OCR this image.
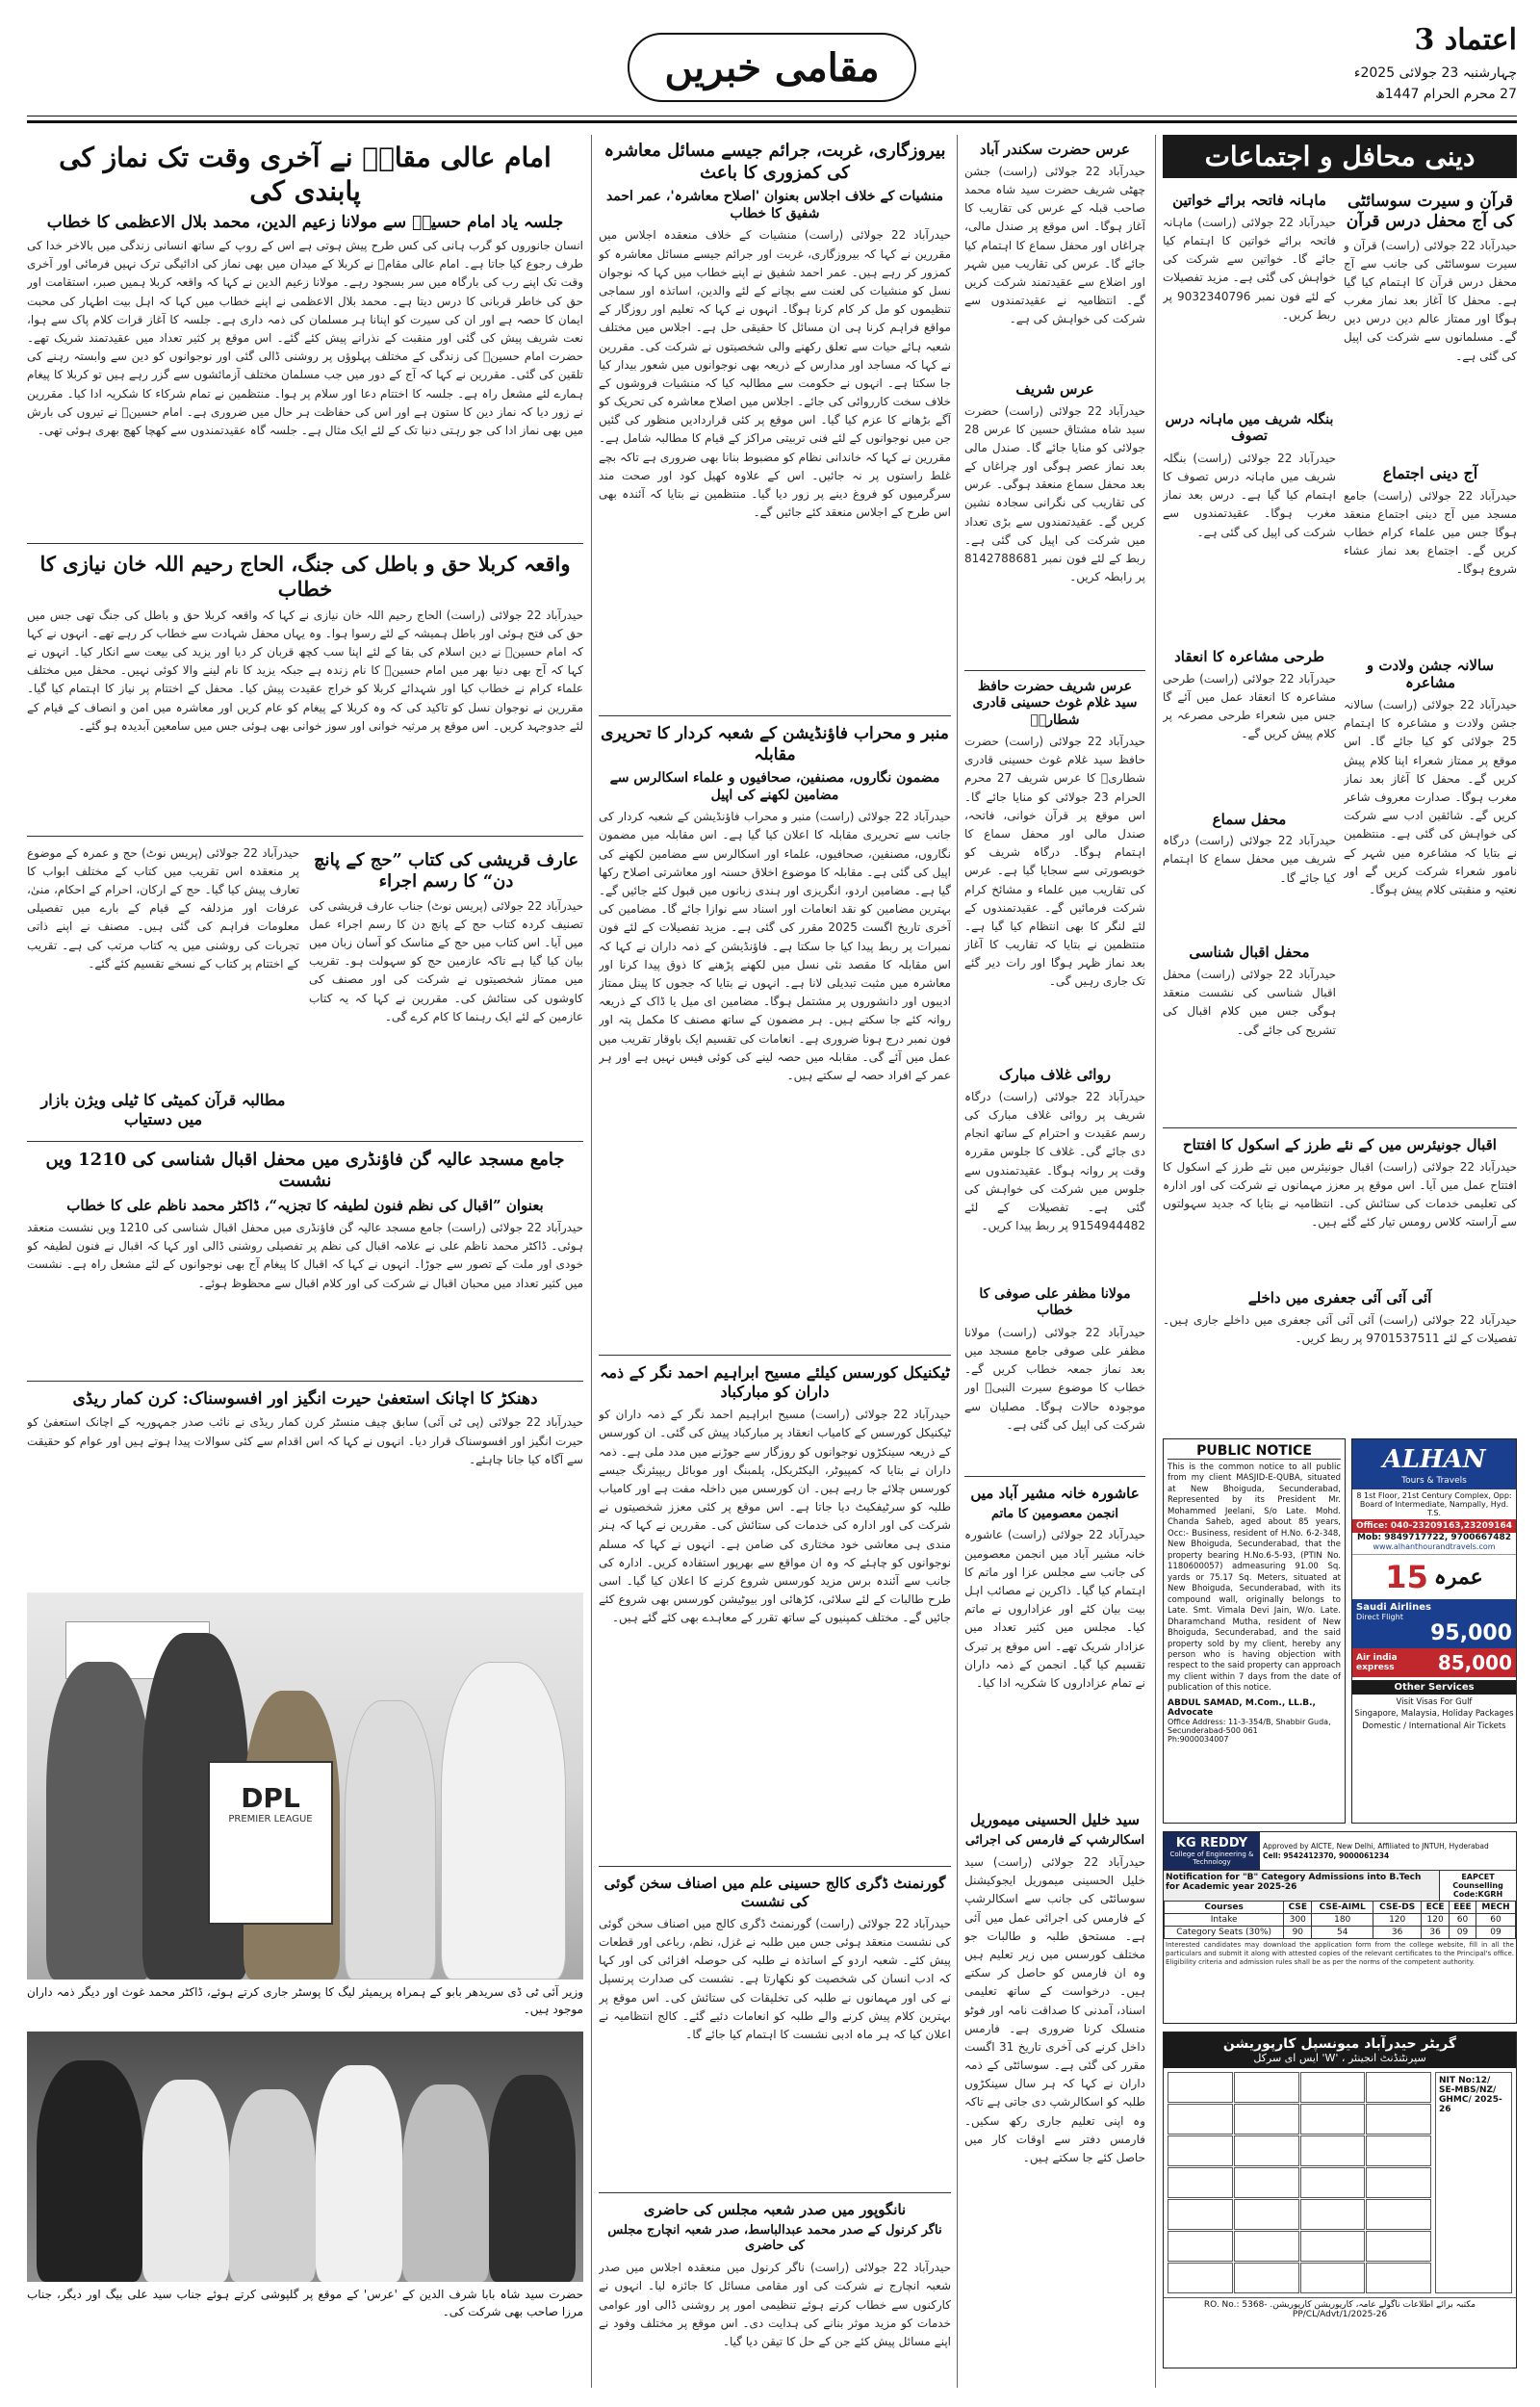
اعتماد 3
چہارشنبہ 23 جولائی 2025ء
27 محرم الحرام 1447ھ
مقامی خبریں
امام عالی مقامؓ نے آخری وقت تک نماز کی پابندی کی
جلسہ یاد امام حسینؓ سے مولانا زعیم الدین، محمد بلال الاعظمی کا خطاب
انسان جانوروں کو گرب ہانی کی کس طرح پیش ہوتی ہے اس کے روپ کے ساتھ انسانی زندگی میں بالاخر خدا کی طرف رجوع کیا جاتا ہے۔ امام عالی مقامؓ نے کربلا کے میدان میں بھی نماز کی ادائیگی ترک نہیں فرمائی اور آخری وقت تک اپنے رب کی بارگاہ میں سر بسجود رہے۔ مولانا زعیم الدین نے کہا کہ واقعہ کربلا ہمیں صبر، استقامت اور حق کی خاطر قربانی کا درس دیتا ہے۔ محمد بلال الاعظمی نے اپنے خطاب میں کہا کہ اہل بیت اطہار کی محبت ایمان کا حصہ ہے اور ان کی سیرت کو اپنانا ہر مسلمان کی ذمہ داری ہے۔ جلسہ کا آغاز قرات کلام پاک سے ہوا، نعت شریف پیش کی گئی اور منقبت کے نذرانے پیش کئے گئے۔ اس موقع پر کثیر تعداد میں عقیدتمند شریک تھے۔ حضرت امام حسینؓ کی زندگی کے مختلف پہلوؤں پر روشنی ڈالی گئی اور نوجوانوں کو دین سے وابستہ رہنے کی تلقین کی گئی۔ مقررین نے کہا کہ آج کے دور میں جب مسلمان مختلف آزمائشوں سے گزر رہے ہیں تو کربلا کا پیغام ہمارے لئے مشعل راہ ہے۔ جلسہ کا اختتام دعا اور سلام پر ہوا۔ منتظمین نے تمام شرکاء کا شکریہ ادا کیا۔ مقررین نے زور دیا کہ نماز دین کا ستون ہے اور اس کی حفاظت ہر حال میں ضروری ہے۔ امام حسینؓ نے تیروں کی بارش میں بھی نماز ادا کی جو رہتی دنیا تک کے لئے ایک مثال ہے۔ جلسہ گاہ عقیدتمندوں سے کھچا کھچ بھری ہوئی تھی۔
واقعہ کربلا حق و باطل کی جنگ، الحاج رحیم اللہ خان نیازی کا خطاب
حیدرآباد 22 جولائی (راست) الحاج رحیم اللہ خان نیازی نے کہا کہ واقعہ کربلا حق و باطل کی جنگ تھی جس میں حق کی فتح ہوئی اور باطل ہمیشہ کے لئے رسوا ہوا۔ وہ یہاں محفل شہادت سے خطاب کر رہے تھے۔ انہوں نے کہا کہ امام حسینؓ نے دین اسلام کی بقا کے لئے اپنا سب کچھ قربان کر دیا اور یزید کی بیعت سے انکار کیا۔ انہوں نے کہا کہ آج بھی دنیا بھر میں امام حسینؓ کا نام زندہ ہے جبکہ یزید کا نام لینے والا کوئی نہیں۔ محفل میں مختلف علماء کرام نے خطاب کیا اور شہدائے کربلا کو خراج عقیدت پیش کیا۔ محفل کے اختتام پر نیاز کا اہتمام کیا گیا۔ مقررین نے نوجوان نسل کو تاکید کی کہ وہ کربلا کے پیغام کو عام کریں اور معاشرہ میں امن و انصاف کے قیام کے لئے جدوجہد کریں۔ اس موقع پر مرثیہ خوانی اور سوز خوانی بھی ہوئی جس میں سامعین آبدیدہ ہو گئے۔
عارف قریشی کی کتاب ”حج کے پانچ دن“ کا رسم اجراء
حیدرآباد 22 جولائی (پریس نوٹ) جناب عارف قریشی کی تصنیف کردہ کتاب حج کے پانچ دن کا رسم اجراء عمل میں آیا۔ اس کتاب میں حج کے مناسک کو آسان زبان میں بیان کیا گیا ہے تاکہ عازمین حج کو سہولت ہو۔ تقریب میں ممتاز شخصیتوں نے شرکت کی اور مصنف کی کاوشوں کی ستائش کی۔ مقررین نے کہا کہ یہ کتاب عازمین کے لئے ایک رہنما کا کام کرے گی۔
حیدرآباد 22 جولائی (پریس نوٹ) حج و عمرہ کے موضوع پر منعقدہ اس تقریب میں کتاب کے مختلف ابواب کا تعارف پیش کیا گیا۔ حج کے ارکان، احرام کے احکام، منیٰ، عرفات اور مزدلفہ کے قیام کے بارے میں تفصیلی معلومات فراہم کی گئی ہیں۔ مصنف نے اپنے ذاتی تجربات کی روشنی میں یہ کتاب مرتب کی ہے۔ تقریب کے اختتام پر کتاب کے نسخے تقسیم کئے گئے۔
مطالبہ قرآن کمیٹی کا ٹیلی ویژن بازار میں دستیاب
جامع مسجد عالیہ گن فاؤنڈری میں محفل اقبال شناسی کی 1210 ویں نشست
بعنوان ”اقبال کی نظم فنون لطیفہ کا تجزیہ“، ڈاکٹر محمد ناظم علی کا خطاب
حیدرآباد 22 جولائی (راست) جامع مسجد عالیہ گن فاؤنڈری میں محفل اقبال شناسی کی 1210 ویں نشست منعقد ہوئی۔ ڈاکٹر محمد ناظم علی نے علامہ اقبال کی نظم پر تفصیلی روشنی ڈالی اور کہا کہ اقبال نے فنون لطیفہ کو خودی اور ملت کے تصور سے جوڑا۔ انہوں نے کہا کہ اقبال کا پیغام آج بھی نوجوانوں کے لئے مشعل راہ ہے۔ نشست میں کثیر تعداد میں محبان اقبال نے شرکت کی اور کلام اقبال سے محظوظ ہوئے۔
دھنکڑ کا اچانک استعفیٰ حیرت انگیز اور افسوسناک: کرن کمار ریڈی
حیدرآباد 22 جولائی (پی ٹی آئی) سابق چیف منسٹر کرن کمار ریڈی نے نائب صدر جمہوریہ کے اچانک استعفیٰ کو حیرت انگیز اور افسوسناک قرار دیا۔ انہوں نے کہا کہ اس اقدام سے کئی سوالات پیدا ہوتے ہیں اور عوام کو حقیقت سے آگاہ کیا جانا چاہئے۔
DPL
PREMIER LEAGUE
وزیر آئی ٹی ڈی سریدھر بابو کے ہمراہ پریمیئر لیگ کا پوسٹر جاری کرتے ہوئے، ڈاکٹر محمد غوث اور دیگر ذمہ داران موجود ہیں۔
حضرت سید شاہ بابا شرف الدین کے 'عرس' کے موقع پر گلپوشی کرتے ہوئے جناب سید علی بیگ اور دیگر، جناب مرزا صاحب بھی شرکت کی۔
بیروزگاری، غربت، جرائم جیسے مسائل معاشرہ کی کمزوری کا باعث
منشیات کے خلاف اجلاس بعنوان 'اصلاح معاشرہ'، عمر احمد شفیق کا خطاب
حیدرآباد 22 جولائی (راست) منشیات کے خلاف منعقدہ اجلاس میں مقررین نے کہا کہ بیروزگاری، غربت اور جرائم جیسے مسائل معاشرہ کو کمزور کر رہے ہیں۔ عمر احمد شفیق نے اپنے خطاب میں کہا کہ نوجوان نسل کو منشیات کی لعنت سے بچانے کے لئے والدین، اساتذہ اور سماجی تنظیموں کو مل کر کام کرنا ہوگا۔ انہوں نے کہا کہ تعلیم اور روزگار کے مواقع فراہم کرنا ہی ان مسائل کا حقیقی حل ہے۔ اجلاس میں مختلف شعبہ ہائے حیات سے تعلق رکھنے والی شخصیتوں نے شرکت کی۔ مقررین نے کہا کہ مساجد اور مدارس کے ذریعہ بھی نوجوانوں میں شعور بیدار کیا جا سکتا ہے۔ انہوں نے حکومت سے مطالبہ کیا کہ منشیات فروشوں کے خلاف سخت کارروائی کی جائے۔ اجلاس میں اصلاح معاشرہ کی تحریک کو آگے بڑھانے کا عزم کیا گیا۔ اس موقع پر کئی قراردادیں منظور کی گئیں جن میں نوجوانوں کے لئے فنی تربیتی مراکز کے قیام کا مطالبہ شامل ہے۔ مقررین نے کہا کہ خاندانی نظام کو مضبوط بنانا بھی ضروری ہے تاکہ بچے غلط راستوں پر نہ جائیں۔ اس کے علاوہ کھیل کود اور صحت مند سرگرمیوں کو فروغ دینے پر زور دیا گیا۔ منتظمین نے بتایا کہ آئندہ بھی اس طرح کے اجلاس منعقد کئے جائیں گے۔
منبر و محراب فاؤنڈیشن کے شعبہ کردار کا تحریری مقابلہ
مضمون نگاروں، مصنفین، صحافیوں و علماء اسکالرس سے مضامین لکھنے کی اپیل
حیدرآباد 22 جولائی (راست) منبر و محراب فاؤنڈیشن کے شعبہ کردار کی جانب سے تحریری مقابلہ کا اعلان کیا گیا ہے۔ اس مقابلہ میں مضمون نگاروں، مصنفین، صحافیوں، علماء اور اسکالرس سے مضامین لکھنے کی اپیل کی گئی ہے۔ مقابلہ کا موضوع اخلاق حسنہ اور معاشرتی اصلاح رکھا گیا ہے۔ مضامین اردو، انگریزی اور ہندی زبانوں میں قبول کئے جائیں گے۔ بہترین مضامین کو نقد انعامات اور اسناد سے نوازا جائے گا۔ مضامین کی آخری تاریخ اگست 2025 مقرر کی گئی ہے۔ مزید تفصیلات کے لئے فون نمبرات پر ربط پیدا کیا جا سکتا ہے۔ فاؤنڈیشن کے ذمہ داران نے کہا کہ اس مقابلہ کا مقصد نئی نسل میں لکھنے پڑھنے کا ذوق پیدا کرنا اور معاشرہ میں مثبت تبدیلی لانا ہے۔ انہوں نے بتایا کہ ججوں کا پینل ممتاز ادیبوں اور دانشوروں پر مشتمل ہوگا۔ مضامین ای میل یا ڈاک کے ذریعہ روانہ کئے جا سکتے ہیں۔ ہر مضمون کے ساتھ مصنف کا مکمل پتہ اور فون نمبر درج ہونا ضروری ہے۔ انعامات کی تقسیم ایک باوقار تقریب میں عمل میں آئے گی۔ مقابلہ میں حصہ لینے کی کوئی فیس نہیں ہے اور ہر عمر کے افراد حصہ لے سکتے ہیں۔
ٹیکنیکل کورسس کیلئے مسیح ابراہیم احمد نگر کے ذمہ داران کو مبارکباد
حیدرآباد 22 جولائی (راست) مسیح ابراہیم احمد نگر کے ذمہ داران کو ٹیکنیکل کورسس کے کامیاب انعقاد پر مبارکباد پیش کی گئی۔ ان کورسس کے ذریعہ سینکڑوں نوجوانوں کو روزگار سے جوڑنے میں مدد ملی ہے۔ ذمہ داران نے بتایا کہ کمپیوٹر، الیکٹریکل، پلمبنگ اور موبائل ریپیئرنگ جیسے کورسس چلائے جا رہے ہیں۔ ان کورسس میں داخلہ مفت ہے اور کامیاب طلبہ کو سرٹیفکیٹ دیا جاتا ہے۔ اس موقع پر کئی معزز شخصیتوں نے شرکت کی اور ادارہ کی خدمات کی ستائش کی۔ مقررین نے کہا کہ ہنر مندی ہی معاشی خود مختاری کی ضامن ہے۔ انہوں نے کہا کہ مسلم نوجوانوں کو چاہئے کہ وہ ان مواقع سے بھرپور استفادہ کریں۔ ادارہ کی جانب سے آئندہ برس مزید کورسس شروع کرنے کا اعلان کیا گیا۔ اسی طرح طالبات کے لئے سلائی، کڑھائی اور بیوٹیشن کورسس بھی شروع کئے جائیں گے۔ مختلف کمپنیوں کے ساتھ تقرر کے معاہدے بھی کئے گئے ہیں۔
گورنمنٹ ڈگری کالج حسینی علم میں اصناف سخن گوئی کی نشست
حیدرآباد 22 جولائی (راست) گورنمنٹ ڈگری کالج میں اصناف سخن گوئی کی نشست منعقد ہوئی جس میں طلبہ نے غزل، نظم، رباعی اور قطعات پیش کئے۔ شعبہ اردو کے اساتذہ نے طلبہ کی حوصلہ افزائی کی اور کہا کہ ادب انسان کی شخصیت کو نکھارتا ہے۔ نشست کی صدارت پرنسپل نے کی اور مہمانوں نے طلبہ کی تخلیقات کی ستائش کی۔ اس موقع پر بہترین کلام پیش کرنے والے طلبہ کو انعامات دئیے گئے۔ کالج انتظامیہ نے اعلان کیا کہ ہر ماہ ادبی نشست کا اہتمام کیا جائے گا۔
نانگوپور میں صدر شعبہ مجلس کی حاضری
ناگر کرنول کے صدر محمد عبدالباسط، صدر شعبہ انچارج مجلس کی حاضری
حیدرآباد 22 جولائی (راست) ناگر کرنول میں منعقدہ اجلاس میں صدر شعبہ انچارج نے شرکت کی اور مقامی مسائل کا جائزہ لیا۔ انہوں نے کارکنوں سے خطاب کرتے ہوئے تنظیمی امور پر روشنی ڈالی اور عوامی خدمات کو مزید موثر بنانے کی ہدایت دی۔ اس موقع پر مختلف وفود نے اپنے مسائل پیش کئے جن کے حل کا تیقن دیا گیا۔
عرس حضرت سکندر آباد
حیدرآباد 22 جولائی (راست) جشن چھٹی شریف حضرت سید شاہ محمد صاحب قبلہ کے عرس کی تقاریب کا آغاز ہوگا۔ اس موقع پر صندل مالی، چراغاں اور محفل سماع کا اہتمام کیا جائے گا۔ عرس کی تقاریب میں شہر اور اضلاع سے عقیدتمند شرکت کریں گے۔ انتظامیہ نے عقیدتمندوں سے شرکت کی خواہش کی ہے۔
عرس شریف
حیدرآباد 22 جولائی (راست) حضرت سید شاہ مشتاق حسین کا عرس 28 جولائی کو منایا جائے گا۔ صندل مالی بعد نماز عصر ہوگی اور چراغاں کے بعد محفل سماع منعقد ہوگی۔ عرس کی تقاریب کی نگرانی سجادہ نشین کریں گے۔ عقیدتمندوں سے بڑی تعداد میں شرکت کی اپیل کی گئی ہے۔ ربط کے لئے فون نمبر 8142788681 پر رابطہ کریں۔
عرس شریف حضرت حافظ سید غلام غوث حسینی قادری شطاریؒ
حیدرآباد 22 جولائی (راست) حضرت حافظ سید غلام غوث حسینی قادری شطاریؒ کا عرس شریف 27 محرم الحرام 23 جولائی کو منایا جائے گا۔ اس موقع پر قرآن خوانی، فاتحہ، صندل مالی اور محفل سماع کا اہتمام ہوگا۔ درگاہ شریف کو خوبصورتی سے سجایا گیا ہے۔ عرس کی تقاریب میں علماء و مشائخ کرام شرکت فرمائیں گے۔ عقیدتمندوں کے لئے لنگر کا بھی انتظام کیا گیا ہے۔ منتظمین نے بتایا کہ تقاریب کا آغاز بعد نماز ظہر ہوگا اور رات دیر گئے تک جاری رہیں گی۔
روائی غلاف مبارک
حیدرآباد 22 جولائی (راست) درگاہ شریف پر روائی غلاف مبارک کی رسم عقیدت و احترام کے ساتھ انجام دی جائے گی۔ غلاف کا جلوس مقررہ وقت پر روانہ ہوگا۔ عقیدتمندوں سے جلوس میں شرکت کی خواہش کی گئی ہے۔ تفصیلات کے لئے 9154944482 پر ربط پیدا کریں۔
مولانا مظفر علی صوفی کا خطاب
حیدرآباد 22 جولائی (راست) مولانا مظفر علی صوفی جامع مسجد میں بعد نماز جمعہ خطاب کریں گے۔ خطاب کا موضوع سیرت النبیؐ اور موجودہ حالات ہوگا۔ مصلیان سے شرکت کی اپیل کی گئی ہے۔
عاشورہ خانہ مشیر آباد میں
انجمن معصومین کا ماتم
حیدرآباد 22 جولائی (راست) عاشورہ خانہ مشیر آباد میں انجمن معصومین کی جانب سے مجلس عزا اور ماتم کا اہتمام کیا گیا۔ ذاکرین نے مصائب اہل بیت بیان کئے اور عزاداروں نے ماتم کیا۔ مجلس میں کثیر تعداد میں عزادار شریک تھے۔ اس موقع پر تبرک تقسیم کیا گیا۔ انجمن کے ذمہ داران نے تمام عزاداروں کا شکریہ ادا کیا۔
سید خلیل الحسینی میموریل
اسکالرشپ کے فارمس کی اجرائی
حیدرآباد 22 جولائی (راست) سید خلیل الحسینی میموریل ایجوکیشنل سوسائٹی کی جانب سے اسکالرشپ کے فارمس کی اجرائی عمل میں آئی ہے۔ مستحق طلبہ و طالبات جو مختلف کورسس میں زیر تعلیم ہیں وہ ان فارمس کو حاصل کر سکتے ہیں۔ درخواست کے ساتھ تعلیمی اسناد، آمدنی کا صداقت نامہ اور فوٹو منسلک کرنا ضروری ہے۔ فارمس داخل کرنے کی آخری تاریخ 31 اگست مقرر کی گئی ہے۔ سوسائٹی کے ذمہ داران نے کہا کہ ہر سال سینکڑوں طلبہ کو اسکالرشپ دی جاتی ہے تاکہ وہ اپنی تعلیم جاری رکھ سکیں۔ فارمس دفتر سے اوقات کار میں حاصل کئے جا سکتے ہیں۔
دینی محافل و اجتماعات
قرآن و سیرت سوسائٹی کی آج محفل درس قرآن
حیدرآباد 22 جولائی (راست) قرآن و سیرت سوسائٹی کی جانب سے آج محفل درس قرآن کا اہتمام کیا گیا ہے۔ محفل کا آغاز بعد نماز مغرب ہوگا اور ممتاز عالم دین درس دیں گے۔ مسلمانوں سے شرکت کی اپیل کی گئی ہے۔
آج دینی اجتماع
حیدرآباد 22 جولائی (راست) جامع مسجد میں آج دینی اجتماع منعقد ہوگا جس میں علماء کرام خطاب کریں گے۔ اجتماع بعد نماز عشاء شروع ہوگا۔
سالانہ جشن ولادت و مشاعرہ
حیدرآباد 22 جولائی (راست) سالانہ جشن ولادت و مشاعرہ کا اہتمام 25 جولائی کو کیا جائے گا۔ اس موقع پر ممتاز شعراء اپنا کلام پیش کریں گے۔ محفل کا آغاز بعد نماز مغرب ہوگا۔ صدارت معروف شاعر کریں گے۔ شائقین ادب سے شرکت کی خواہش کی گئی ہے۔ منتظمین نے بتایا کہ مشاعرہ میں شہر کے نامور شعراء شرکت کریں گے اور نعتیہ و منقبتی کلام پیش ہوگا۔
ماہانہ فاتحہ برائے خواتین
حیدرآباد 22 جولائی (راست) ماہانہ فاتحہ برائے خواتین کا اہتمام کیا جائے گا۔ خواتین سے شرکت کی خواہش کی گئی ہے۔ مزید تفصیلات کے لئے فون نمبر 9032340796 پر ربط کریں۔
بنگلہ شریف میں ماہانہ درس تصوف
حیدرآباد 22 جولائی (راست) بنگلہ شریف میں ماہانہ درس تصوف کا اہتمام کیا گیا ہے۔ درس بعد نماز مغرب ہوگا۔ عقیدتمندوں سے شرکت کی اپیل کی گئی ہے۔
طرحی مشاعرہ کا انعقاد
حیدرآباد 22 جولائی (راست) طرحی مشاعرہ کا انعقاد عمل میں آئے گا جس میں شعراء طرحی مصرعہ پر کلام پیش کریں گے۔
محفل سماع
حیدرآباد 22 جولائی (راست) درگاہ شریف میں محفل سماع کا اہتمام کیا جائے گا۔
محفل اقبال شناسی
حیدرآباد 22 جولائی (راست) محفل اقبال شناسی کی نشست منعقد ہوگی جس میں کلام اقبال کی تشریح کی جائے گی۔
اقبال جونیئرس میں کے نئے طرز کے اسکول کا افتتاح
حیدرآباد 22 جولائی (راست) اقبال جونیئرس میں نئے طرز کے اسکول کا افتتاح عمل میں آیا۔ اس موقع پر معزز مہمانوں نے شرکت کی اور ادارہ کی تعلیمی خدمات کی ستائش کی۔ انتظامیہ نے بتایا کہ جدید سہولتوں سے آراستہ کلاس رومس تیار کئے گئے ہیں۔
آئی آئی آئی جعفری میں داخلے
حیدرآباد 22 جولائی (راست) آئی آئی آئی جعفری میں داخلے جاری ہیں۔ تفصیلات کے لئے 9701537511 پر ربط کریں۔
PUBLIC NOTICE
This is the common notice to all public from my client MASJID-E-QUBA, situated at New Bhoiguda, Secunderabad, Represented by its President Mr. Mohammed Jeelani, S/o Late. Mohd. Chanda Saheb, aged about 85 years, Occ:- Business, resident of H.No. 6-2-348, New Bhoiguda, Secunderabad, that the property bearing H.No.6-5-93, (PTIN No. 1180600057) admeasuring 91.00 Sq. yards or 75.17 Sq. Meters, situated at New Bhoiguda, Secunderabad, with its compound wall, originally belongs to Late. Smt. Vimala Devi Jain, W/o. Late. Dharamchand Mutha, resident of New Bhoiguda, Secunderabad, and the said property sold by my client, hereby any person who is having objection with respect to the said property can approach my client within 7 days from the date of publication of this notice.
ABDUL SAMAD, M.Com., LL.B., Advocate
Office Address: 11-3-354/B, Shabbir Guda, Secunderabad-500 061
Ph:9000034007
ALHAN
Tours & Travels
8 1st Floor, 21st Century Complex, Opp: Board of Intermediate, Nampally, Hyd. T.S.
Office: 040-23209163,23209164
Mob: 9849717722, 9700667482
www.alhanthourandtravels.com
15 عمرہ
Saudi Airlines
Direct Flight
95,000
Air india express	85,000
Other Services
Visit Visas For Gulf
Singapore, Malaysia, Holiday Packages
Domestic / International Air Tickets
KG REDDY
College of Engineering & Technology
Approved by AICTE, New Delhi, Affiliated to JNTUH, Hyderabad
Cell: 9542412370, 9000061234
Notification for "B" Category Admissions into B.Tech for Academic year 2025-26
EAPCET Counselling Code:KGRH
Courses	CSE	CSE-AIML	CSE-DS	ECE	EEE	MECH
Intake	300	180	120	120	60	60
Category Seats (30%)	90	54	36	36	09	09
Interested candidates may download the application form from the college website, fill in all the particulars and submit it along with attested copies of the relevant certificates to the Principal's office. Eligibility criteria and admission rules shall be as per the norms of the competent authority.
گریٹر حیدرآباد میونسپل کارپوریشن
سپرنٹنڈنٹ انجینئر ، 'W' ایس ای سرکل
NIT No:12/ SE-MBS/NZ/ GHMC/ 2025-26
مکتبہ برائے اطلاعات ناگولے عامہ، کارپوریشن کارپوریشن. RO. No.: 5368-PP/CL/Advt/1/2025-26
